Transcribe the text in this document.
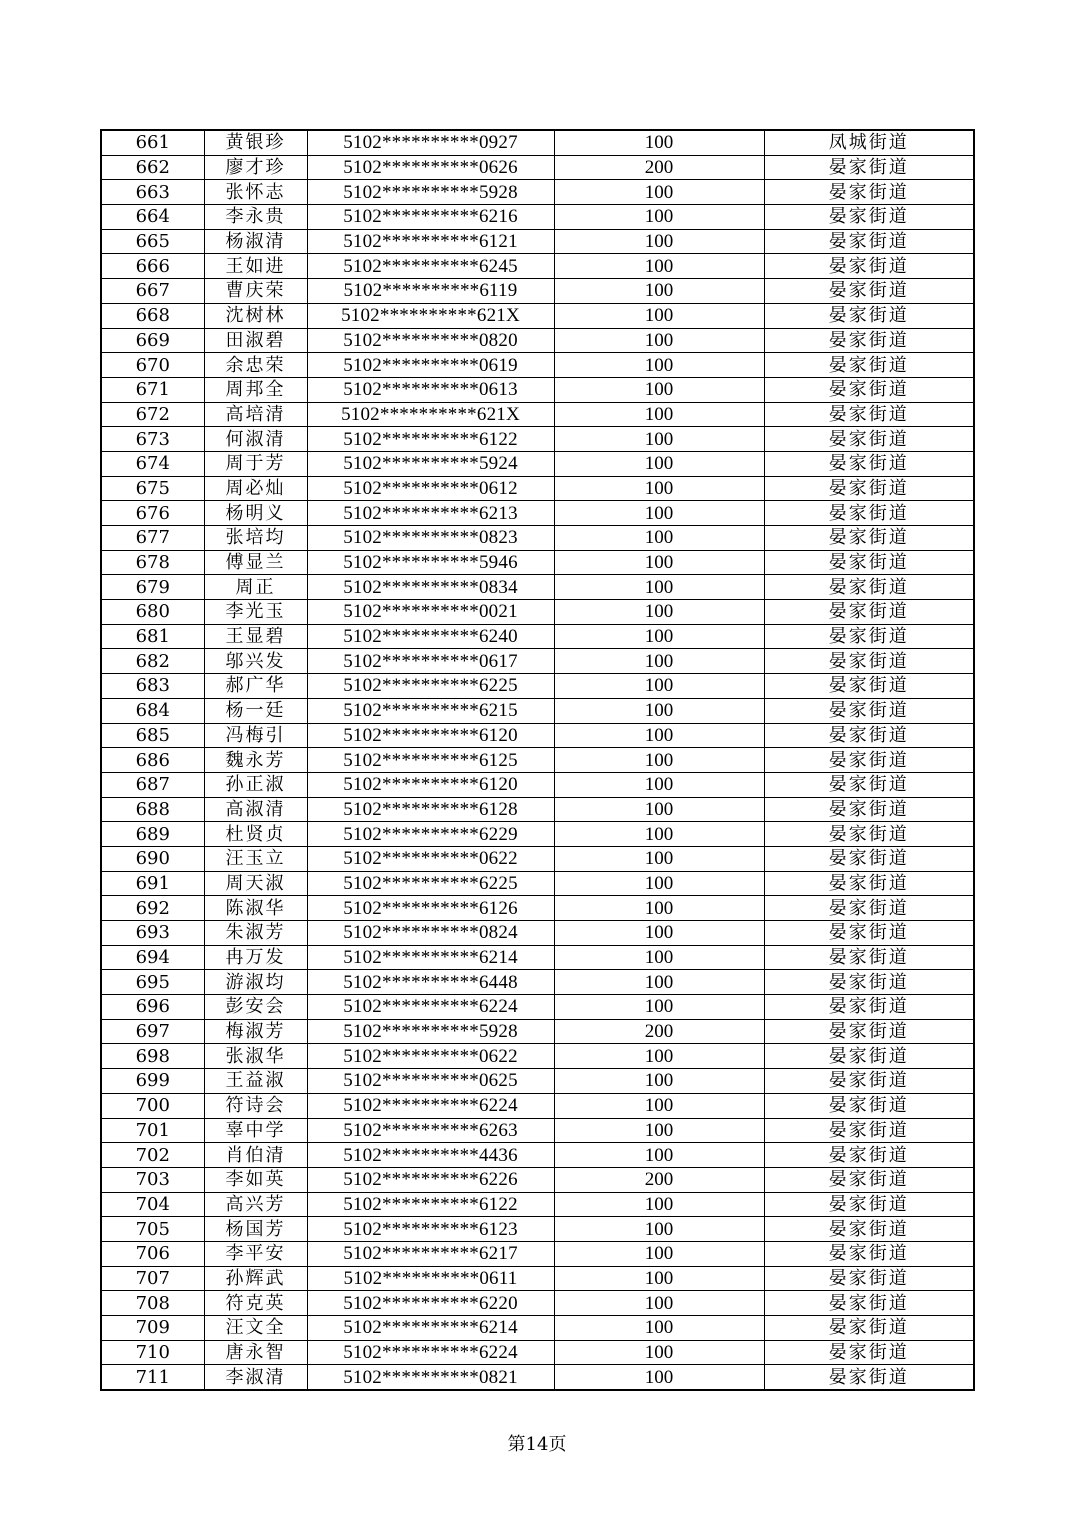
661	黄银珍	5102**********0927	100	凤城街道
662	廖才珍	5102**********0626	200	晏家街道
663	张怀志	5102**********5928	100	晏家街道
664	李永贵	5102**********6216	100	晏家街道
665	杨淑清	5102**********6121	100	晏家街道
666	王如进	5102**********6245	100	晏家街道
667	曹庆荣	5102**********6119	100	晏家街道
668	沈树林	5102**********621X	100	晏家街道
669	田淑碧	5102**********0820	100	晏家街道
670	余忠荣	5102**********0619	100	晏家街道
671	周邦全	5102**********0613	100	晏家街道
672	高培清	5102**********621X	100	晏家街道
673	何淑清	5102**********6122	100	晏家街道
674	周于芳	5102**********5924	100	晏家街道
675	周必灿	5102**********0612	100	晏家街道
676	杨明义	5102**********6213	100	晏家街道
677	张培均	5102**********0823	100	晏家街道
678	傅显兰	5102**********5946	100	晏家街道
679	周正	5102**********0834	100	晏家街道
680	李光玉	5102**********0021	100	晏家街道
681	王显碧	5102**********6240	100	晏家街道
682	邬兴发	5102**********0617	100	晏家街道
683	郝广华	5102**********6225	100	晏家街道
684	杨一廷	5102**********6215	100	晏家街道
685	冯梅引	5102**********6120	100	晏家街道
686	魏永芳	5102**********6125	100	晏家街道
687	孙正淑	5102**********6120	100	晏家街道
688	高淑清	5102**********6128	100	晏家街道
689	杜贤贞	5102**********6229	100	晏家街道
690	汪玉立	5102**********0622	100	晏家街道
691	周天淑	5102**********6225	100	晏家街道
692	陈淑华	5102**********6126	100	晏家街道
693	朱淑芳	5102**********0824	100	晏家街道
694	冉万发	5102**********6214	100	晏家街道
695	游淑均	5102**********6448	100	晏家街道
696	彭安会	5102**********6224	100	晏家街道
697	梅淑芳	5102**********5928	200	晏家街道
698	张淑华	5102**********0622	100	晏家街道
699	王益淑	5102**********0625	100	晏家街道
700	符诗会	5102**********6224	100	晏家街道
701	辜中学	5102**********6263	100	晏家街道
702	肖伯清	5102**********4436	100	晏家街道
703	李如英	5102**********6226	200	晏家街道
704	高兴芳	5102**********6122	100	晏家街道
705	杨国芳	5102**********6123	100	晏家街道
706	李平安	5102**********6217	100	晏家街道
707	孙辉武	5102**********0611	100	晏家街道
708	符克英	5102**********6220	100	晏家街道
709	汪文全	5102**********6214	100	晏家街道
710	唐永智	5102**********6224	100	晏家街道
711	李淑清	5102**********0821	100	晏家街道
第14页
